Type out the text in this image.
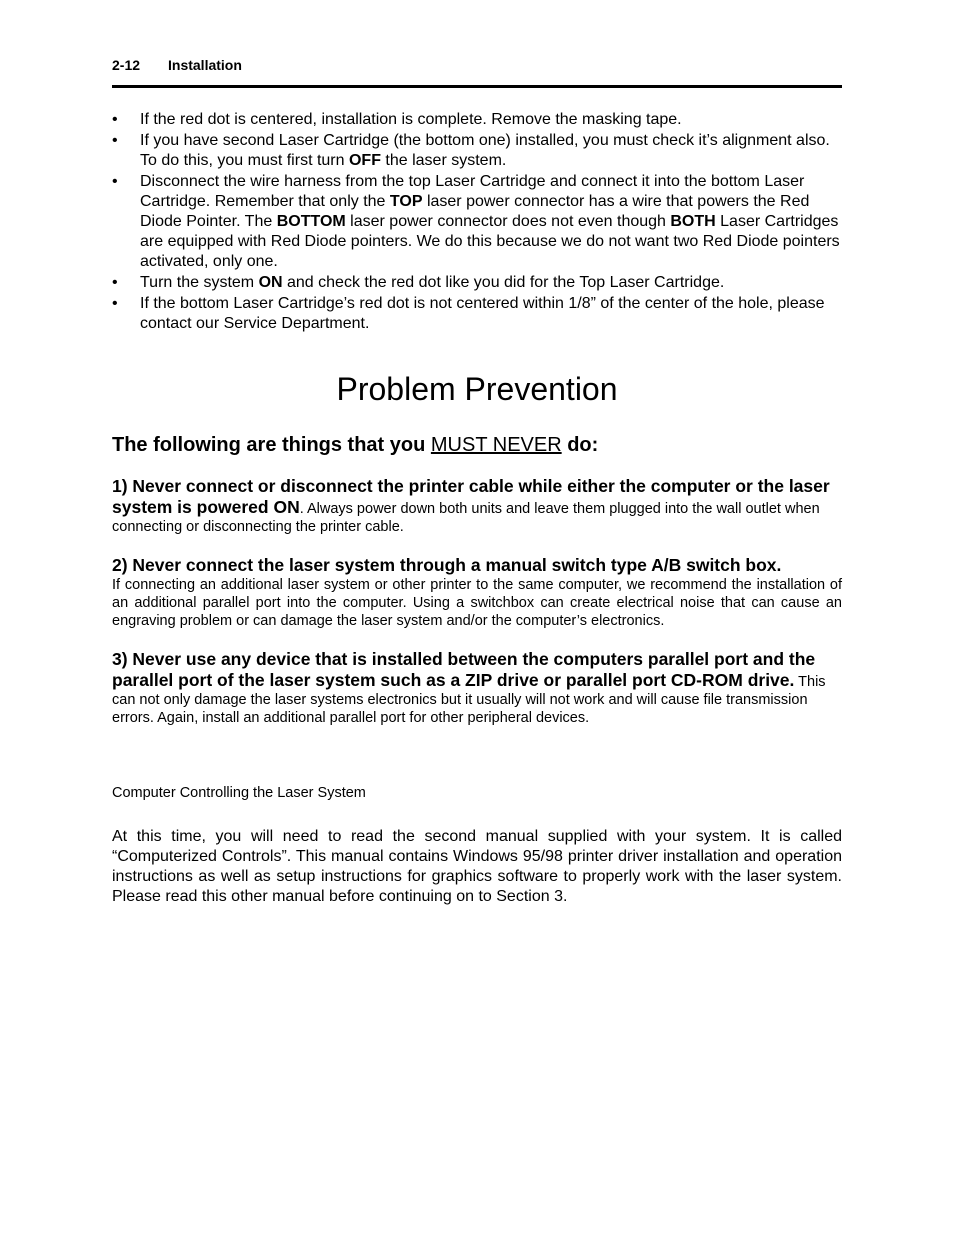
2-12 Installation
• If the red dot is centered, installation is complete. Remove the masking tape.
• If you have second Laser Cartridge (the bottom one) installed, you must check it’s alignment also. To do this, you must first turn OFF the laser system.
• Disconnect the wire harness from the top Laser Cartridge and connect it into the bottom Laser Cartridge. Remember that only the TOP laser power connector has a wire that powers the Red Diode Pointer. The BOTTOM laser power connector does not even though BOTH Laser Cartridges are equipped with Red Diode pointers. We do this because we do not want two Red Diode pointers activated, only one.
• Turn the system ON and check the red dot like you did for the Top Laser Cartridge.
• If the bottom Laser Cartridge’s red dot is not centered within 1/8” of the center of the hole, please contact our Service Department.
Problem Prevention
The following are things that you MUST NEVER do:
1) Never connect or disconnect the printer cable while either the computer or the laser system is powered ON. Always power down both units and leave them plugged into the wall outlet when connecting or disconnecting the printer cable.
2) Never connect the laser system through a manual switch type A/B switch box.
If connecting an additional laser system or other printer to the same computer, we recommend the installation of an additional parallel port into the computer. Using a switchbox can create electrical noise that can cause an engraving problem or can damage the laser system and/or the computer’s electronics.
3) Never use any device that is installed between the computers parallel port and the parallel port of the laser system such as a ZIP drive or parallel port CD-ROM drive. This can not only damage the laser systems electronics but it usually will not work and will cause file transmission errors. Again, install an additional parallel port for other peripheral devices.
Computer Controlling the Laser System
At this time, you will need to read the second manual supplied with your system. It is called “Computerized Controls”. This manual contains Windows 95/98 printer driver installation and operation instructions as well as setup instructions for graphics software to properly work with the laser system. Please read this other manual before continuing on to Section 3.
